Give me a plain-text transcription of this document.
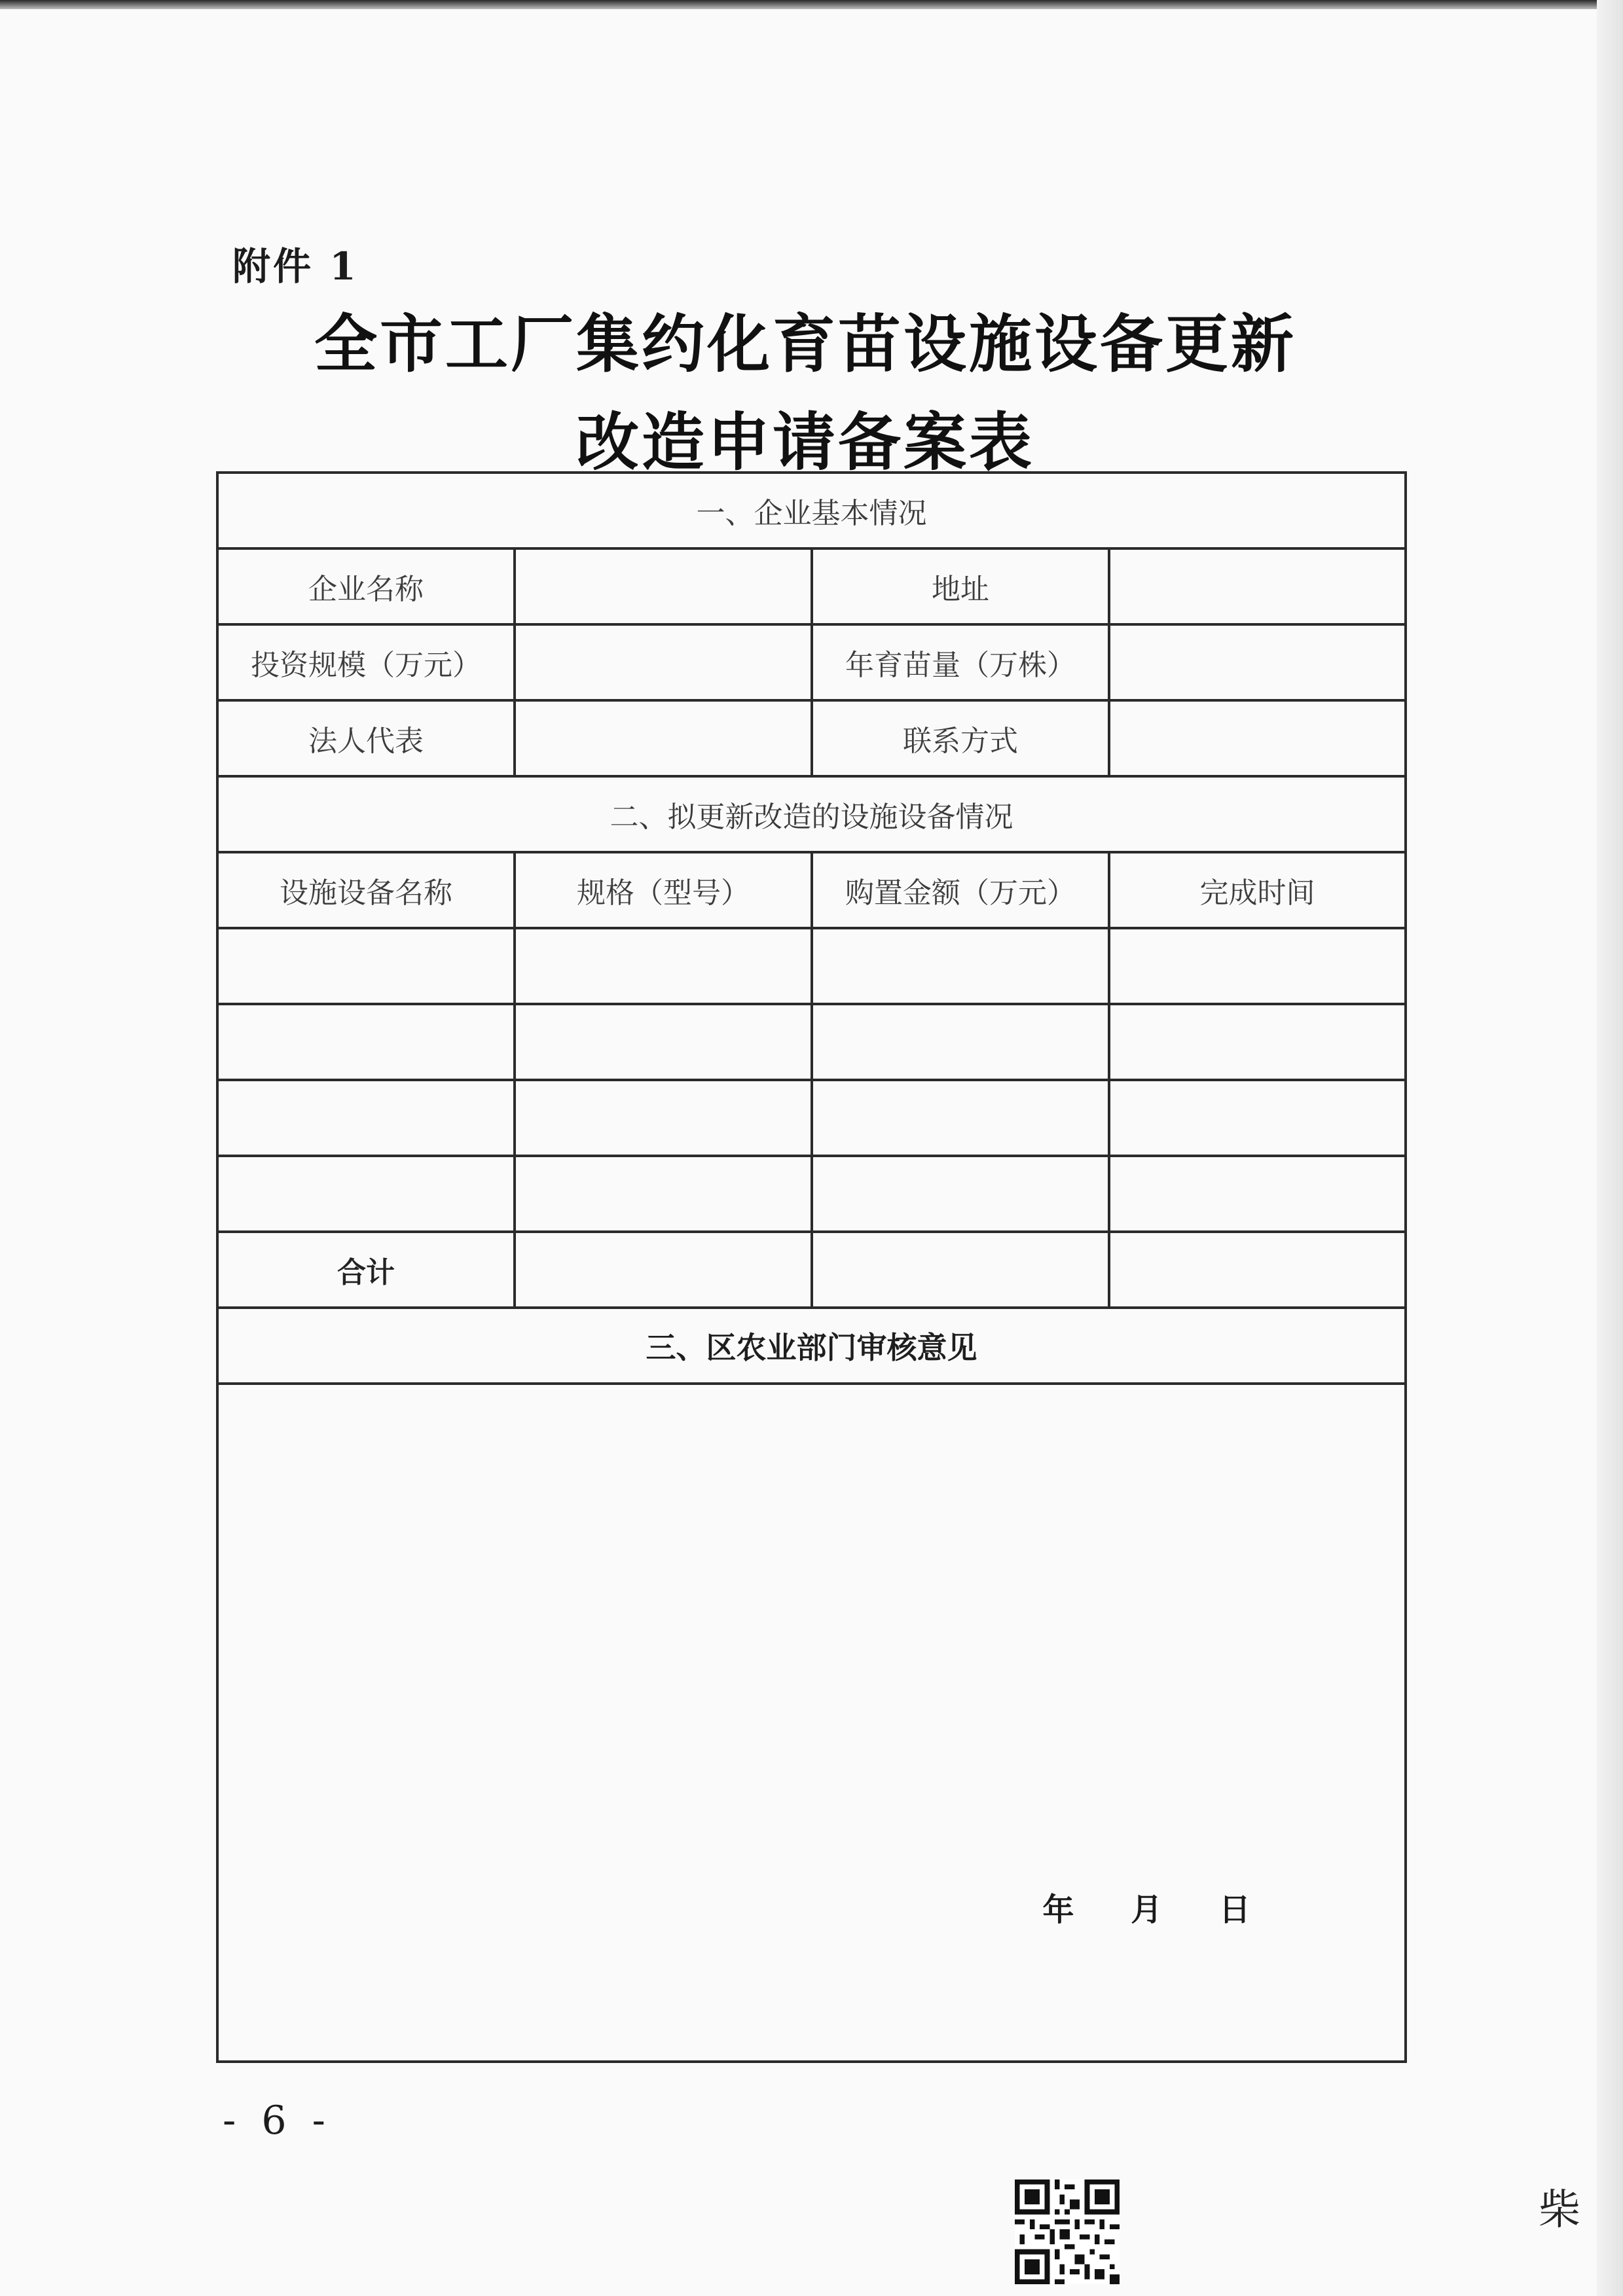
附件 1
全市工厂集约化育苗设施设备更新
改造申请备案表
一、企业基本情况			
企业名称		地址	
投资规模（万元）		年育苗量（万株）	
法人代表		联系方式	
二、拟更新改造的设施设备情况			
设施设备名称	规格（型号）	购置金额（万元）	完成时间

合计			
三、区农业部门审核意见			

年 月 日			
- 6 -
柴
